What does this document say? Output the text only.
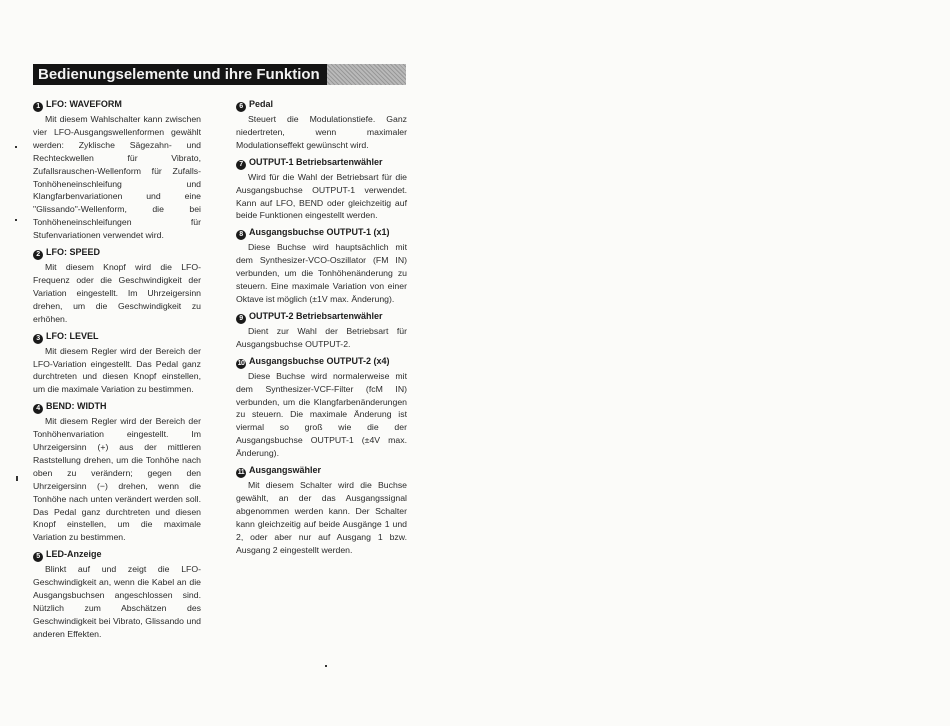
Bedienungselemente und ihre Funktion
1 LFO: WAVEFORM

Mit diesem Wahlschalter kann zwischen vier LFO-Ausgangswellenformen gewählt werden: Zyklische Sägezahn- und Rechteckwellen für Vibrato, Zufallsrauschen-Wellenform für Zufalls-Tonhöheneinschleifung und Klangfarbenvariationen und eine "Glissando"-Wellenform, die bei Tonhöheneinschleifungen für Stufenvariationen verwendet wird.

2 LFO: SPEED

Mit diesem Knopf wird die LFO-Frequenz oder die Geschwindigkeit der Variation eingestellt. Im Uhrzeigersinn drehen, um die Geschwindigkeit zu erhöhen.

3 LFO: LEVEL

Mit diesem Regler wird der Bereich der LFO-Variation eingestellt. Das Pedal ganz durchtreten und diesen Knopf einstellen, um die maximale Variation zu bestimmen.

4 BEND: WIDTH

Mit diesem Regler wird der Bereich der Tonhöhenvariation eingestellt. Im Uhrzeigersinn (+) aus der mittleren Raststellung drehen, um die Tonhöhe nach oben zu verändern; gegen den Uhrzeigersinn (−) drehen, wenn die Tonhöhe nach unten verändert werden soll. Das Pedal ganz durchtreten und diesen Knopf einstellen, um die maximale Variation zu bestimmen.

5 LED-Anzeige

Blinkt auf und zeigt die LFO-Geschwindigkeit an, wenn die Kabel an die Ausgangsbuchsen angeschlossen sind. Nützlich zum Abschätzen des Geschwindigkeit bei Vibrato, Glissando und anderen Effekten.

6 Pedal

Steuert die Modulationstiefe. Ganz niedertreten, wenn maximaler Modulationseffekt gewünscht wird.

7 OUTPUT-1 Betriebsartenwähler

Wird für die Wahl der Betriebsart für die Ausgangsbuchse OUTPUT-1 verwendet. Kann auf LFO, BEND oder gleichzeitig auf beide Funktionen eingestellt werden.

8 Ausgangsbuchse OUTPUT-1 (x1)

Diese Buchse wird hauptsächlich mit dem Synthesizer-VCO-Oszillator (FM IN) verbunden, um die Tonhöhenänderung zu steuern. Eine maximale Variation von einer Oktave ist möglich (±1V max. Änderung).

9 OUTPUT-2 Betriebsartenwähler

Dient zur Wahl der Betriebsart für Ausgangsbuchse OUTPUT-2.

10 Ausgangsbuchse OUTPUT-2 (x4)

Diese Buchse wird normalerweise mit dem Synthesizer-VCF-Filter (fcM IN) verbunden, um die Klangfarbenänderungen zu steuern. Die maximale Änderung ist viermal so groß wie die der Ausgangsbuchse OUTPUT-1 (±4V max. Änderung).

11 Ausgangswähler

Mit diesem Schalter wird die Buchse gewählt, an der das Ausgangssignal abgenommen werden kann. Der Schalter kann gleichzeitig auf beide Ausgänge 1 und 2, oder aber nur auf Ausgang 1 bzw. Ausgang 2 eingestellt werden.
